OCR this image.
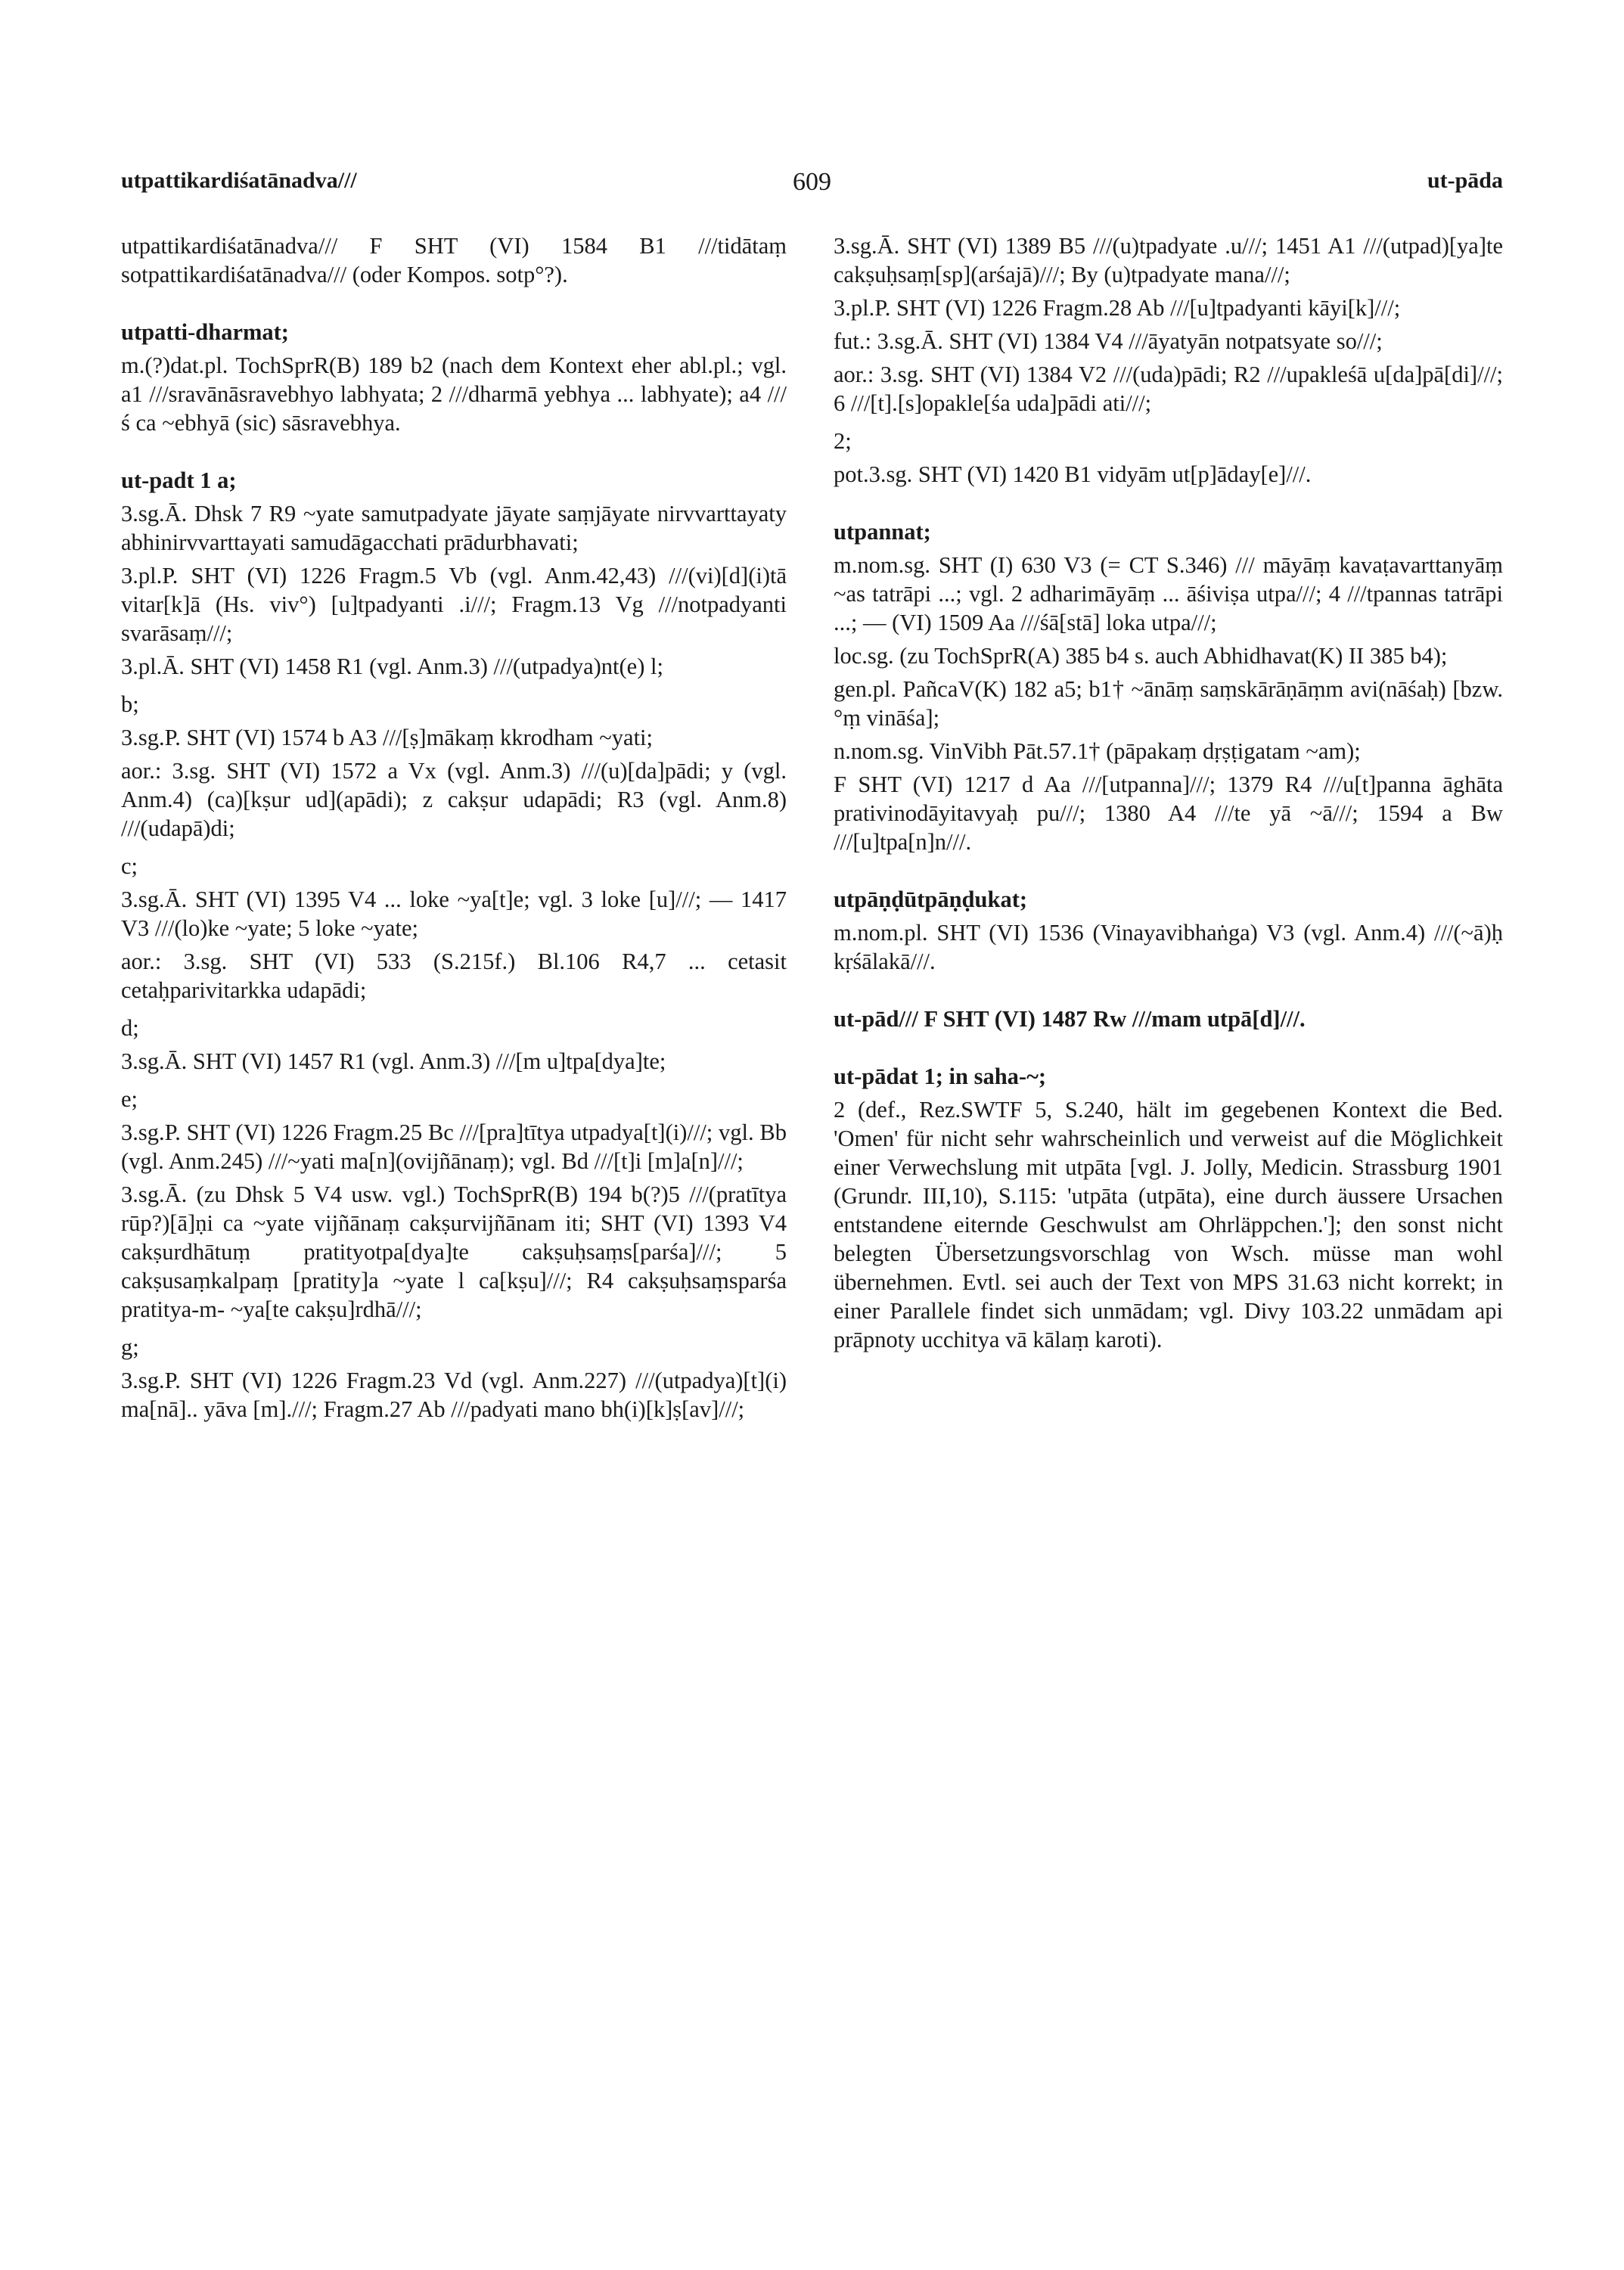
utpattikardiśatānadva///	609	ut-pāda

utpattikardiśatānadva/// F SHT (VI) 1584 B1 ///tidātaṃ sotpattikardiśatānadva/// (oder Kompos. sotp°?).

utpatti-dharmat;

m.(?)dat.pl. TochSprR(B) 189 b2 (nach dem Kontext eher abl.pl.; vgl. a1 ///sravānāsravebhyo labhyata; 2 ///dharmā yebhya ... labhyate); a4 ///ś ca ~ebhyā (sic) sāsravebhya.

ut-padt 1 a;

3.sg.Ā. Dhsk 7 R9 ~yate samutpadyate jāyate saṃjāyate nirvvarttayaty abhinirvvarttayati samudāgacchati prādurbhavati;

3.pl.P. SHT (VI) 1226 Fragm.5 Vb (vgl. Anm.42,43) ///(vi)[d](i)tā vitar[k]ā (Hs. viv°) [u]tpadyanti .i///; Fragm.13 Vg ///notpadyanti svarāsaṃ///;

3.pl.Ā. SHT (VI) 1458 R1 (vgl. Anm.3) ///(utpadya)nt(e) l;

b;

3.sg.P. SHT (VI) 1574 b A3 ///[ṣ]mākaṃ kkrodham ~yati;

aor.: 3.sg. SHT (VI) 1572 a Vx (vgl. Anm.3) ///(u)[da]pādi; y (vgl. Anm.4) (ca)[kṣur ud](apādi); z cakṣur udapādi; R3 (vgl. Anm.8) ///(udapā)di;

c;

3.sg.Ā. SHT (VI) 1395 V4 ... loke ~ya[t]e; vgl. 3 loke [u]///; — 1417 V3 ///(lo)ke ~yate; 5 loke ~yate;

aor.: 3.sg. SHT (VI) 533 (S.215f.) Bl.106 R4,7 ... cetasit cetaḥparivitarkka udapādi;

d;

3.sg.Ā. SHT (VI) 1457 R1 (vgl. Anm.3) ///[m u]tpa[dya]te;

e;

3.sg.P. SHT (VI) 1226 Fragm.25 Bc ///[pra]tītya utpadya[t](i)///; vgl. Bb (vgl. Anm.245) ///~yati ma[n](ovijñānaṃ); vgl. Bd ///[t]i [m]a[n]///;

3.sg.Ā. (zu Dhsk 5 V4 usw. vgl.) TochSprR(B) 194 b(?)5 ///(pratītya rūp?)[ā]ṇi ca ~yate vijñānaṃ cakṣurvijñānam iti; SHT (VI) 1393 V4 cakṣurdhātuṃ pratityotpa[dya]te cakṣuḥsaṃs[parśa]///; 5 cakṣusaṃkalpaṃ [pratity]a ~yate l ca[kṣu]///; R4 cakṣuḥsaṃsparśa pratitya-m- ~ya[te cakṣu]rdhā///;

g;

3.sg.P. SHT (VI) 1226 Fragm.23 Vd (vgl. Anm.227) ///(utpadya)[t](i) ma[nā].. yāva [m].///; Fragm.27 Ab ///padyati mano bh(i)[k]ṣ[av]///;

3.sg.Ā. SHT (VI) 1389 B5 ///(u)tpadyate .u///; 1451 A1 ///(utpad)[ya]te cakṣuḥsaṃ[sp](arśajā)///; By (u)tpadyate mana///;

3.pl.P. SHT (VI) 1226 Fragm.28 Ab ///[u]tpadyanti kāyi[k]///;

fut.: 3.sg.Ā. SHT (VI) 1384 V4 ///āyatyān notpatsyate so///;

aor.: 3.sg. SHT (VI) 1384 V2 ///(uda)pādi; R2 ///upakleśā u[da]pā[di]///; 6 ///[t].[s]opakle[śa uda]pādi ati///;

2;

pot.3.sg. SHT (VI) 1420 B1 vidyām ut[p]āday[e]///.

utpannat;

m.nom.sg. SHT (I) 630 V3 (= CT S.346) /// māyāṃ kavaṭavarttanyāṃ ~as tatrāpi ...; vgl. 2 adharimāyāṃ ... āśiviṣa utpa///; 4 ///tpannas tatrāpi ...; — (VI) 1509 Aa ///śā[stā] loka utpa///;

loc.sg. (zu TochSprR(A) 385 b4 s. auch Abhidhavat(K) II 385 b4);

gen.pl. PañcaV(K) 182 a5; b1† ~ānāṃ saṃskārāṇāṃm avi(nāśaḥ) [bzw. °ṃ vināśa];

n.nom.sg. VinVibh Pāt.57.1† (pāpakaṃ dṛṣṭigatam ~am);

F SHT (VI) 1217 d Aa ///[utpanna]///; 1379 R4 ///u[t]panna āghāta prativinodāyitavyaḥ pu///; 1380 A4 ///te yā ~ā///; 1594 a Bw ///[u]tpa[n]n///.

utpāṇḍūtpāṇḍukat;

m.nom.pl. SHT (VI) 1536 (Vinayavibhaṅga) V3 (vgl. Anm.4) ///(~ā)ḥ kṛśālakā///.

ut-pād/// F SHT (VI) 1487 Rw ///mam utpā[d]///.

ut-pādat 1; in saha-~;

2 (def., Rez.SWTF 5, S.240, hält im gegebenen Kontext die Bed. 'Omen' für nicht sehr wahrscheinlich und verweist auf die Möglichkeit einer Verwechslung mit utpāta [vgl. J. Jolly, Medicin. Strassburg 1901 (Grundr. III,10), S.115: 'utpāta (utpāta), eine durch äussere Ursachen entstandene eiternde Geschwulst am Ohrläppchen.']; den sonst nicht belegten Übersetzungsvorschlag von Wsch. müsse man wohl übernehmen. Evtl. sei auch der Text von MPS 31.63 nicht korrekt; in einer Parallele findet sich unmādam; vgl. Divy 103.22 unmādam api prāpnoty ucchitya vā kālaṃ karoti).
